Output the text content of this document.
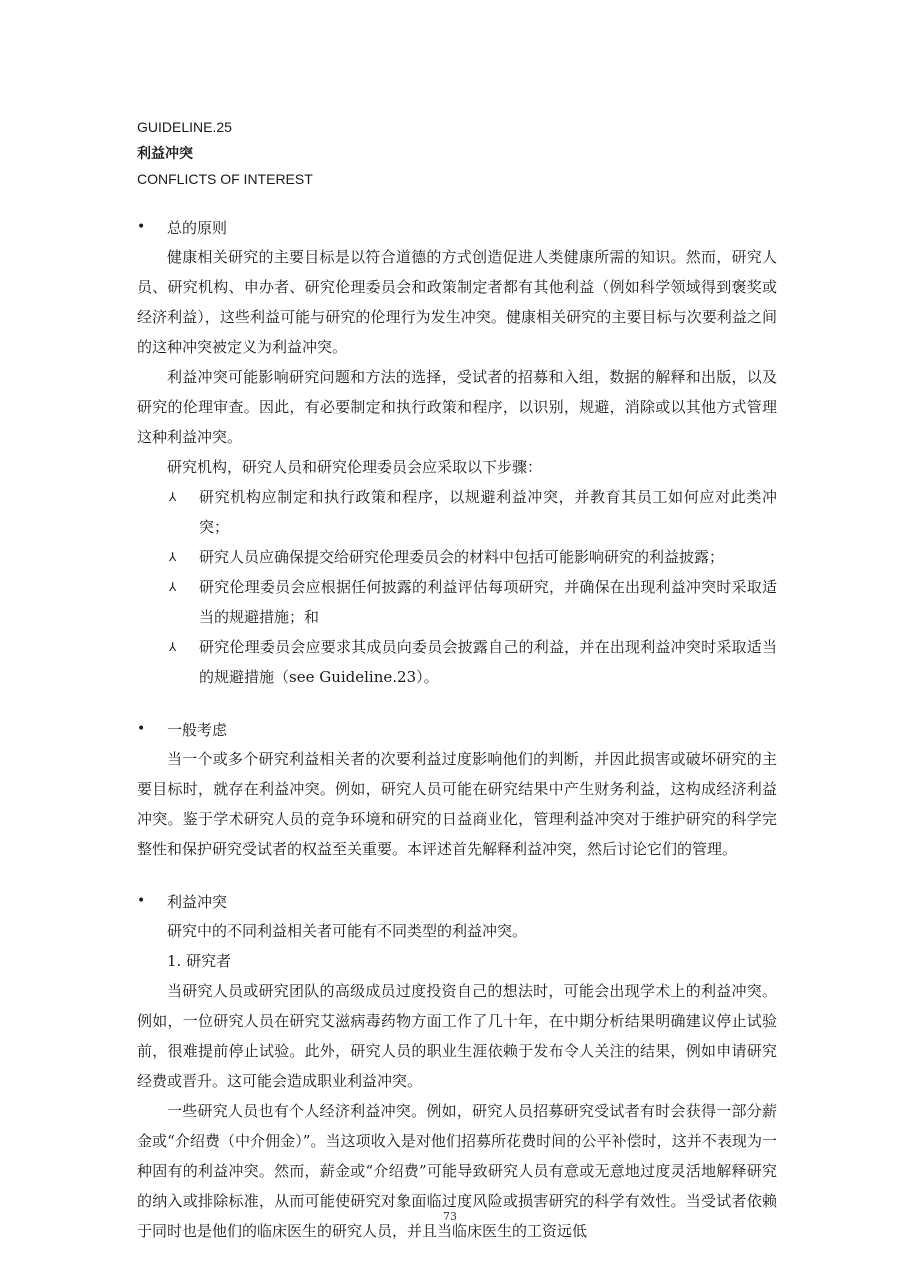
GUIDELINE.25
利益冲突
CONFLICTS OF INTEREST
•	总的原则

健康相关研究的主要目标是以符合道德的方式创造促进人类健康所需的知识。然而，研究人员、研究机构、申办者、研究伦理委员会和政策制定者都有其他利益（例如科学领域得到褒奖或经济利益），这些利益可能与研究的伦理行为发生冲突。健康相关研究的主要目标与次要利益之间的这种冲突被定义为利益冲突。

利益冲突可能影响研究问题和方法的选择，受试者的招募和入组，数据的解释和出版，以及研究的伦理审查。因此，有必要制定和执行政策和程序，以识别，规避，消除或以其他方式管理这种利益冲突。

研究机构，研究人员和研究伦理委员会应采取以下步骤：

⅄	研究机构应制定和执行政策和程序，以规避利益冲突，并教育其员工如何应对此类冲突；
⅄	研究人员应确保提交给研究伦理委员会的材料中包括可能影响研究的利益披露；
⅄	研究伦理委员会应根据任何披露的利益评估每项研究，并确保在出现利益冲突时采取适当的规避措施；和
⅄	研究伦理委员会应要求其成员向委员会披露自己的利益，并在出现利益冲突时采取适当的规避措施（see Guideline.23）。
•	一般考虑

当一个或多个研究利益相关者的次要利益过度影响他们的判断，并因此损害或破坏研究的主要目标时，就存在利益冲突。例如，研究人员可能在研究结果中产生财务利益，这构成经济利益冲突。鉴于学术研究人员的竞争环境和研究的日益商业化，管理利益冲突对于维护研究的科学完整性和保护研究受试者的权益至关重要。本评述首先解释利益冲突，然后讨论它们的管理。

•	利益冲突

研究中的不同利益相关者可能有不同类型的利益冲突。

1. 研究者

当研究人员或研究团队的高级成员过度投资自己的想法时，可能会出现学术上的利益冲突。例如，一位研究人员在研究艾滋病毒药物方面工作了几十年，在中期分析结果明确建议停止试验前，很难提前停止试验。此外，研究人员的职业生涯依赖于发布令人关注的结果，例如申请研究经费或晋升。这可能会造成职业利益冲突。

一些研究人员也有个人经济利益冲突。例如，研究人员招募研究受试者有时会获得一部分薪金或“介绍费（中介佣金）”。当这项收入是对他们招募所花费时间的公平补偿时，这并不表现为一种固有的利益冲突。然而，薪金或“介绍费”可能导致研究人员有意或无意地过度灵活地解释研究的纳入或排除标准，从而可能使研究对象面临过度风险或损害研究的科学有效性。当受试者依赖于同时也是他们的临床医生的研究人员，并且当临床医生的工资远低

73
